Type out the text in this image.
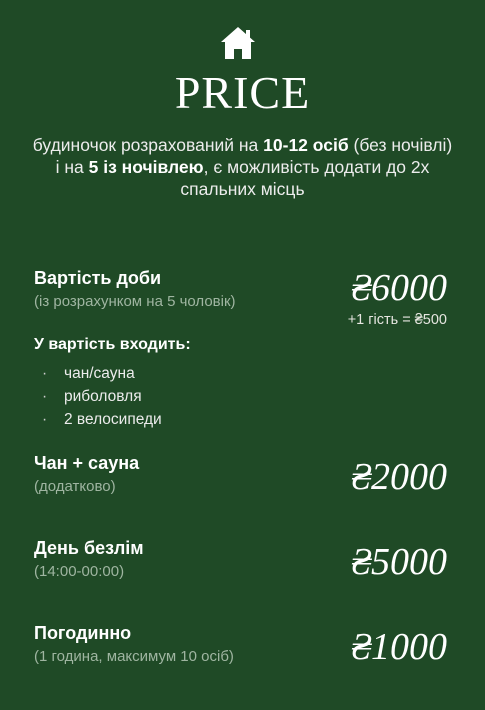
PRICE
будиночок розрахований на 10-12 осіб (без ночівлі) і на 5 із ночівлею, є можливість додати до 2х спальних місць
Вартість доби
(із розрахунком на 5 чоловік)	₴6000
+1 гість = ₴500
У вартість входить:
· чан/сауна
· риболовля
· 2 велосипеди
Чан + сауна
(додатково)	₴2000
День безлім
(14:00-00:00)	₴5000
Погодинно
(1 година, максимум 10 осіб)	₴1000
